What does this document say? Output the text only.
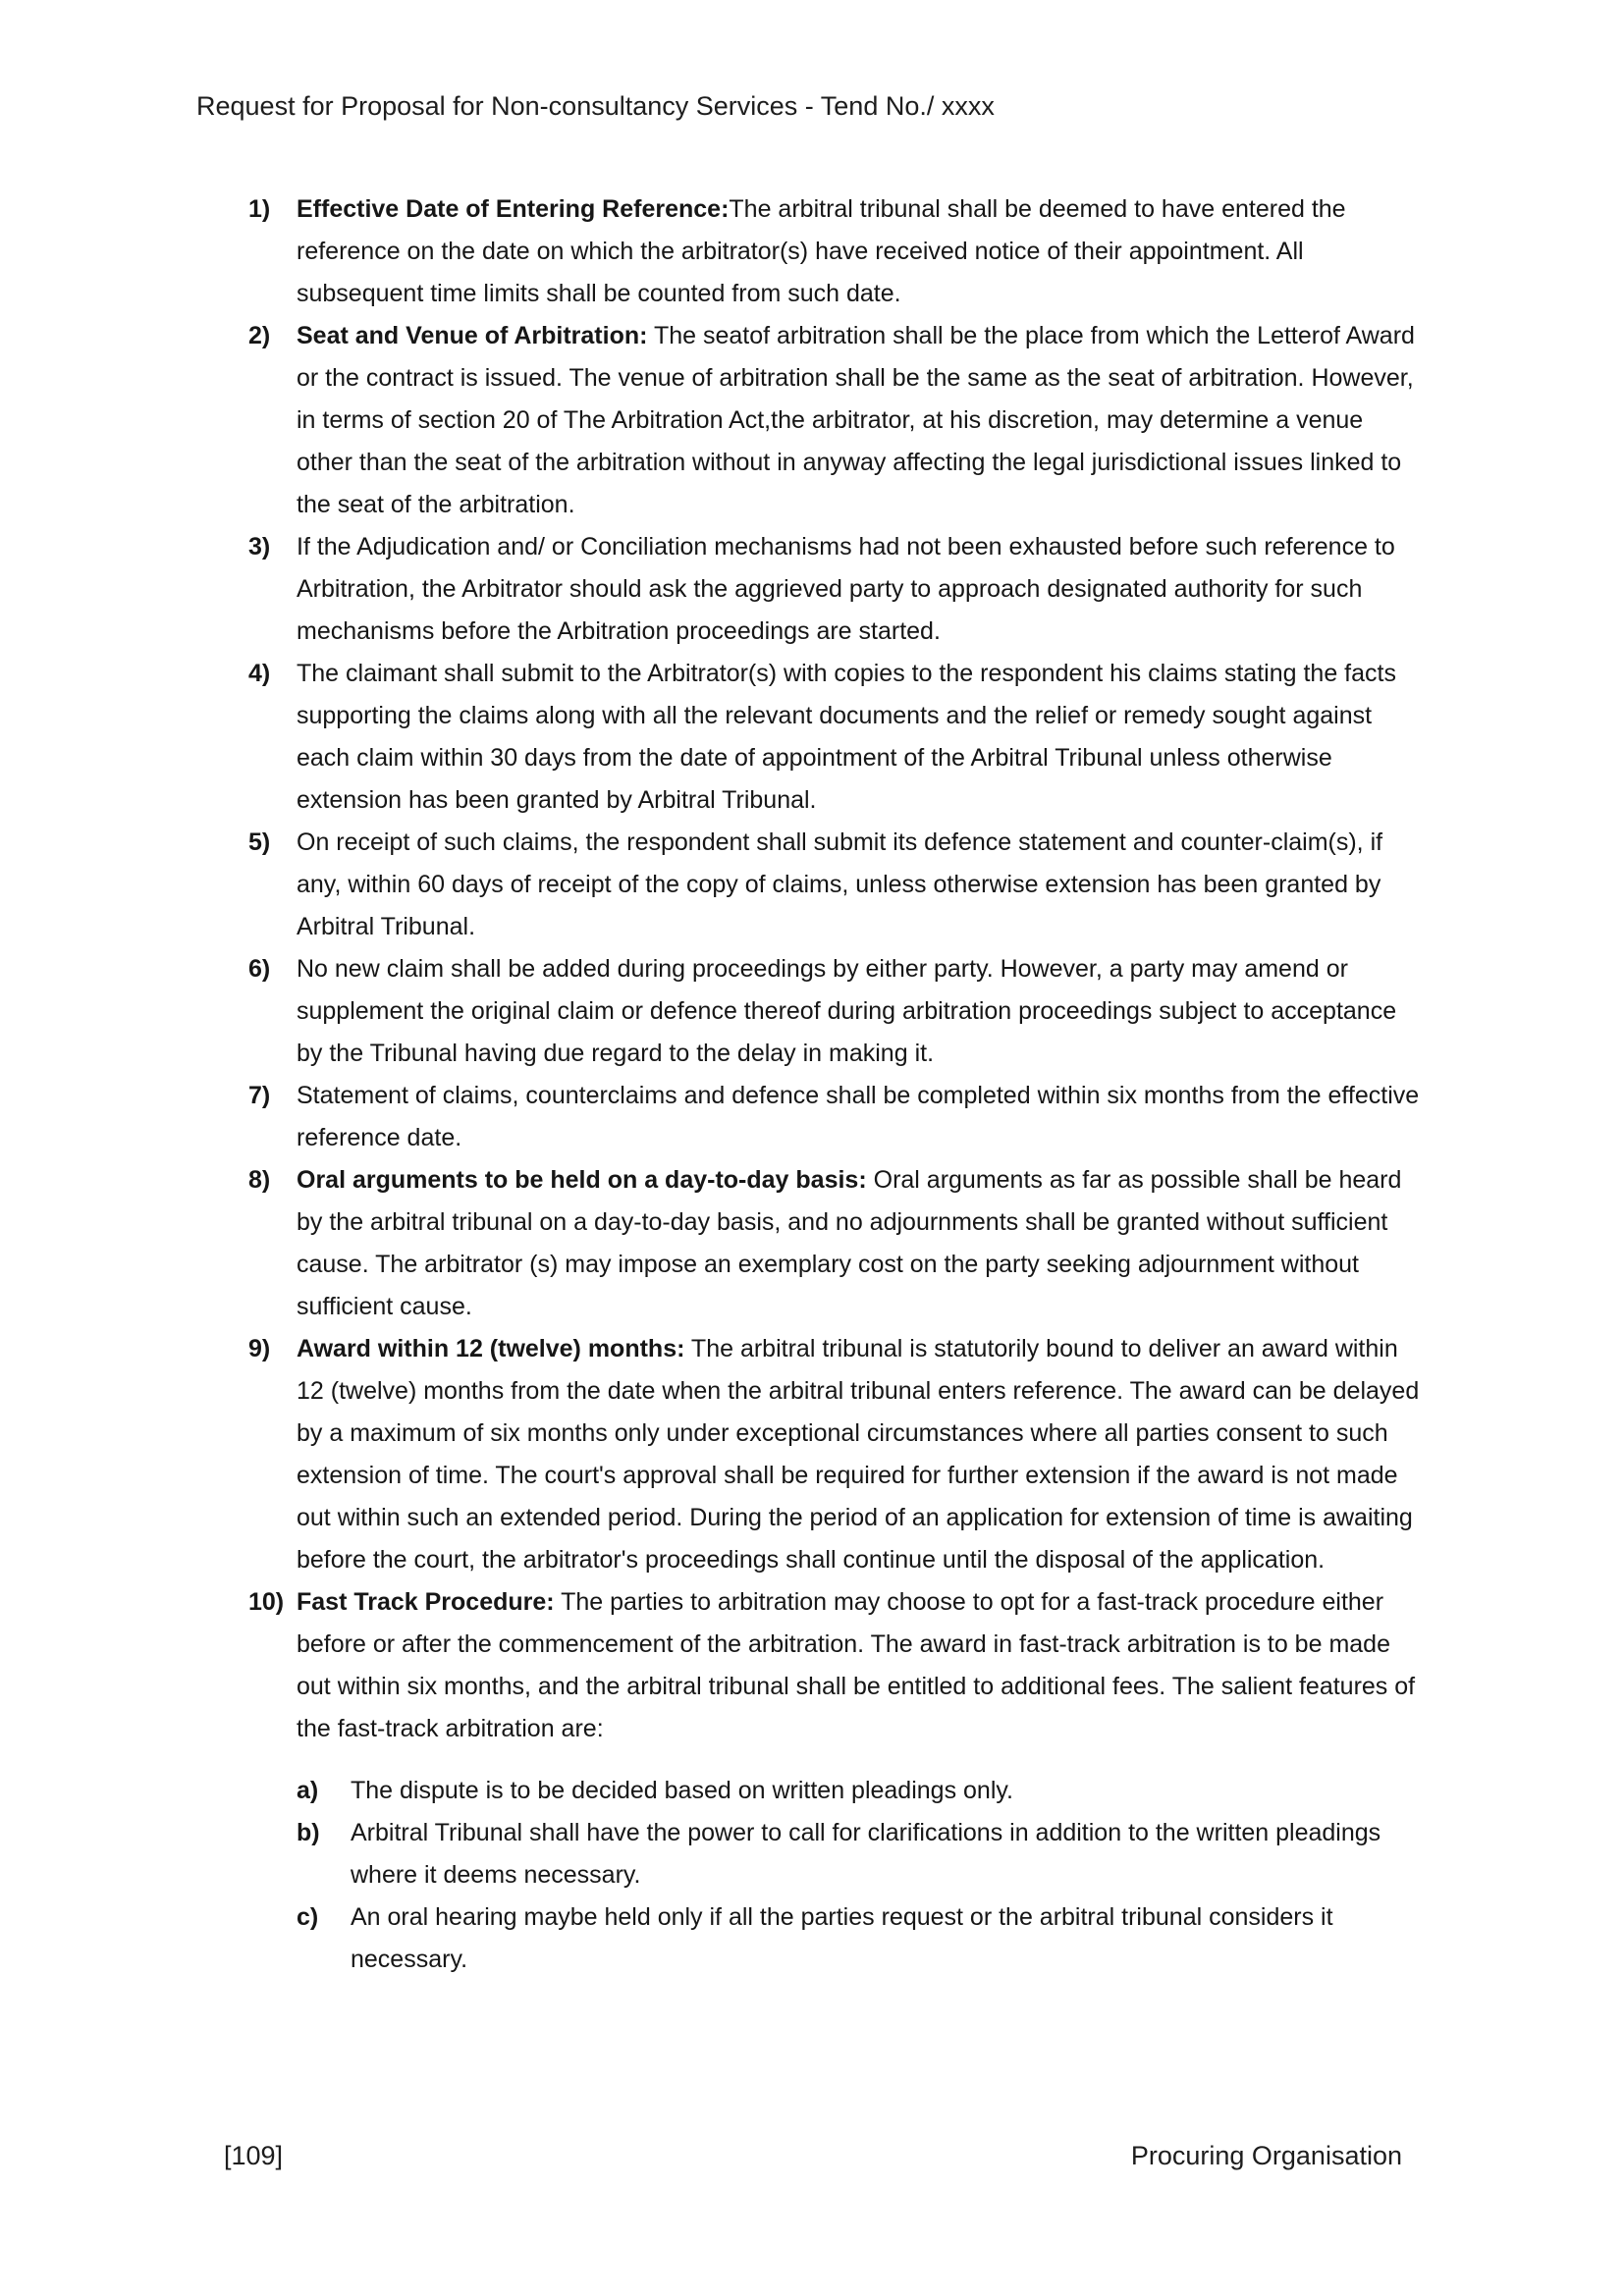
Request for Proposal for Non-consultancy Services - Tend No./ xxxx
1)	Effective Date of Entering Reference:The arbitral tribunal shall be deemed to have entered the reference on the date on which the arbitrator(s) have received notice of their appointment. All subsequent time limits shall be counted from such date.
2)	Seat and Venue of Arbitration: The seatof arbitration shall be the place from which the Letterof Award or the contract is issued. The venue of arbitration shall be the same as the seat of arbitration. However, in terms of section 20 of The Arbitration Act,the arbitrator, at his discretion, may determine a venue other than the seat of the arbitration without in anyway affecting the legal jurisdictional issues linked to the seat of the arbitration.
3)	If the Adjudication and/ or Conciliation mechanisms had not been exhausted before such reference to Arbitration, the Arbitrator should ask the aggrieved party to approach designated authority for such mechanisms before the Arbitration proceedings are started.
4)	The claimant shall submit to the Arbitrator(s) with copies to the respondent his claims stating the facts supporting the claims along with all the relevant documents and the relief or remedy sought against each claim within 30 days from the date of appointment of the Arbitral Tribunal unless otherwise extension has been granted by Arbitral Tribunal.
5)	On receipt of such claims, the respondent shall submit its defence statement and counter-claim(s), if any, within 60 days of receipt of the copy of claims, unless otherwise extension has been granted by Arbitral Tribunal.
6)	No new claim shall be added during proceedings by either party. However, a party may amend or supplement the original claim or defence thereof during arbitration proceedings subject to acceptance by the Tribunal having due regard to the delay in making it.
7)	Statement of claims, counterclaims and defence shall be completed within six months from the effective reference date.
8)	Oral arguments to be held on a day-to-day basis: Oral arguments as far as possible shall be heard by the arbitral tribunal on a day-to-day basis, and no adjournments shall be granted without sufficient cause. The arbitrator (s) may impose an exemplary cost on the party seeking adjournment without sufficient cause.
9)	Award within 12 (twelve) months: The arbitral tribunal is statutorily bound to deliver an award within 12 (twelve) months from the date when the arbitral tribunal enters reference. The award can be delayed by a maximum of six months only under exceptional circumstances where all parties consent to such extension of time. The court's approval shall be required for further extension if the award is not made out within such an extended period. During the period of an application for extension of time is awaiting before the court, the arbitrator's proceedings shall continue until the disposal of the application.
10) Fast Track Procedure: The parties to arbitration may choose to opt for a fast-track procedure either before or after the commencement of the arbitration. The award in fast-track arbitration is to be made out within six months, and the arbitral tribunal shall be entitled to additional fees. The salient features of the fast-track arbitration are:
a)	The dispute is to be decided based on written pleadings only.
b)	Arbitral Tribunal shall have the power to call for clarifications in addition to the written pleadings where it deems necessary.
c)	An oral hearing maybe held only if all the parties request or the arbitral tribunal considers it necessary.
[109]	Procuring Organisation
